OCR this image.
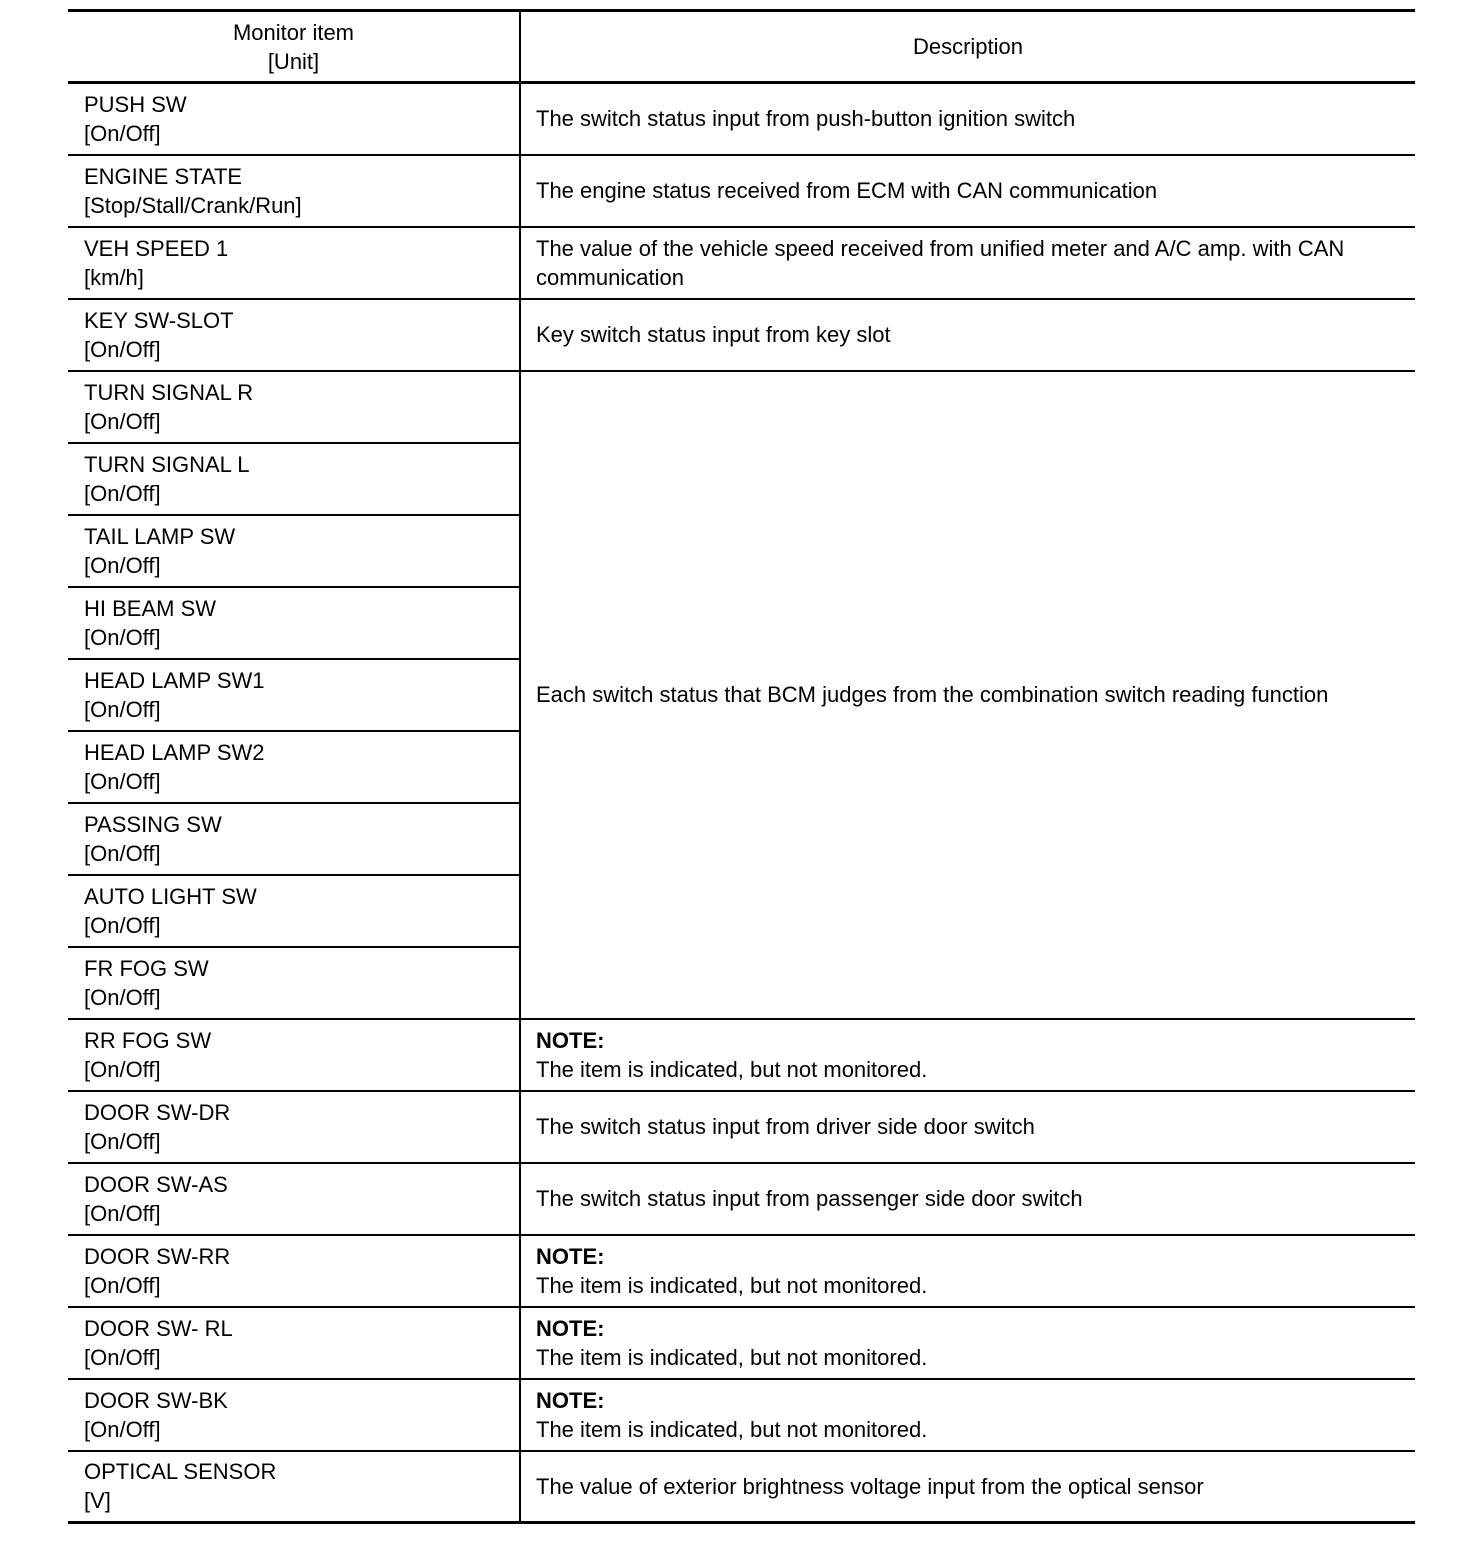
Monitor item
[Unit]	Description

PUSH SW
[On/Off]	The switch status input from push-button ignition switch

ENGINE STATE
[Stop/Stall/Crank/Run]	The engine status received from ECM with CAN communication

VEH SPEED 1
[km/h]	The value of the vehicle speed received from unified meter and A/C amp. with CAN communication

KEY SW-SLOT
[On/Off]	Key switch status input from key slot

TURN SIGNAL R
[On/Off]	Each switch status that BCM judges from the combination switch reading function

TURN SIGNAL L
[On/Off]	

TAIL LAMP SW
[On/Off]	

HI BEAM SW
[On/Off]	

HEAD LAMP SW1
[On/Off]	

HEAD LAMP SW2
[On/Off]	

PASSING SW
[On/Off]	

AUTO LIGHT SW
[On/Off]	

FR FOG SW
[On/Off]	

RR FOG SW
[On/Off]	NOTE:
The item is indicated, but not monitored.

DOOR SW-DR
[On/Off]	The switch status input from driver side door switch

DOOR SW-AS
[On/Off]	The switch status input from passenger side door switch

DOOR SW-RR
[On/Off]	NOTE:
The item is indicated, but not monitored.

DOOR SW- RL
[On/Off]	NOTE:
The item is indicated, but not monitored.

DOOR SW-BK
[On/Off]	NOTE:
The item is indicated, but not monitored.

OPTICAL SENSOR
[V]	The value of exterior brightness voltage input from the optical sensor
